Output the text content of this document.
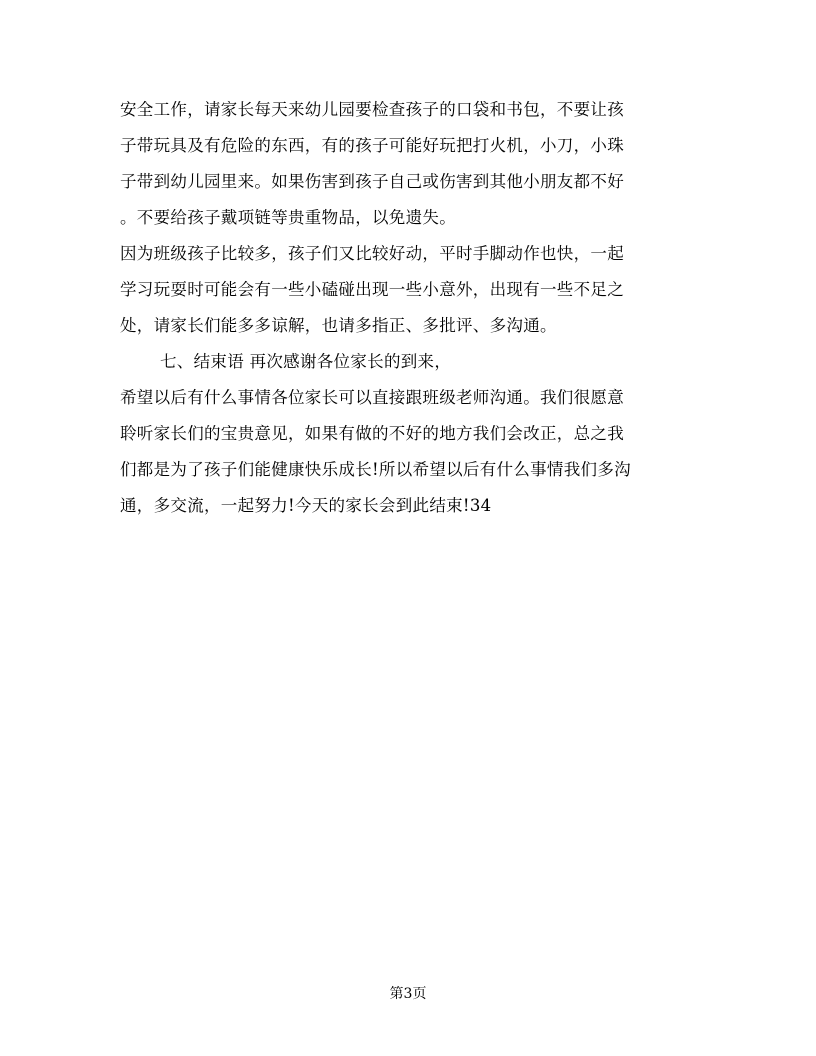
安全工作，请家长每天来幼儿园要检查孩子的口袋和书包，不要让孩
子带玩具及有危险的东西，有的孩子可能好玩把打火机，小刀，小珠
子带到幼儿园里来。如果伤害到孩子自己或伤害到其他小朋友都不好
。不要给孩子戴项链等贵重物品，以免遗失。
因为班级孩子比较多，孩子们又比较好动，平时手脚动作也快，一起
学习玩耍时可能会有一些小磕碰出现一些小意外，出现有一些不足之
处，请家长们能多多谅解，也请多指正、多批评、多沟通。
七、结束语 再次感谢各位家长的到来，
希望以后有什么事情各位家长可以直接跟班级老师沟通。我们很愿意
聆听家长们的宝贵意见，如果有做的不好的地方我们会改正，总之我
们都是为了孩子们能健康快乐成长!所以希望以后有什么事情我们多沟
通，多交流，一起努力!今天的家长会到此结束!34
第3页
